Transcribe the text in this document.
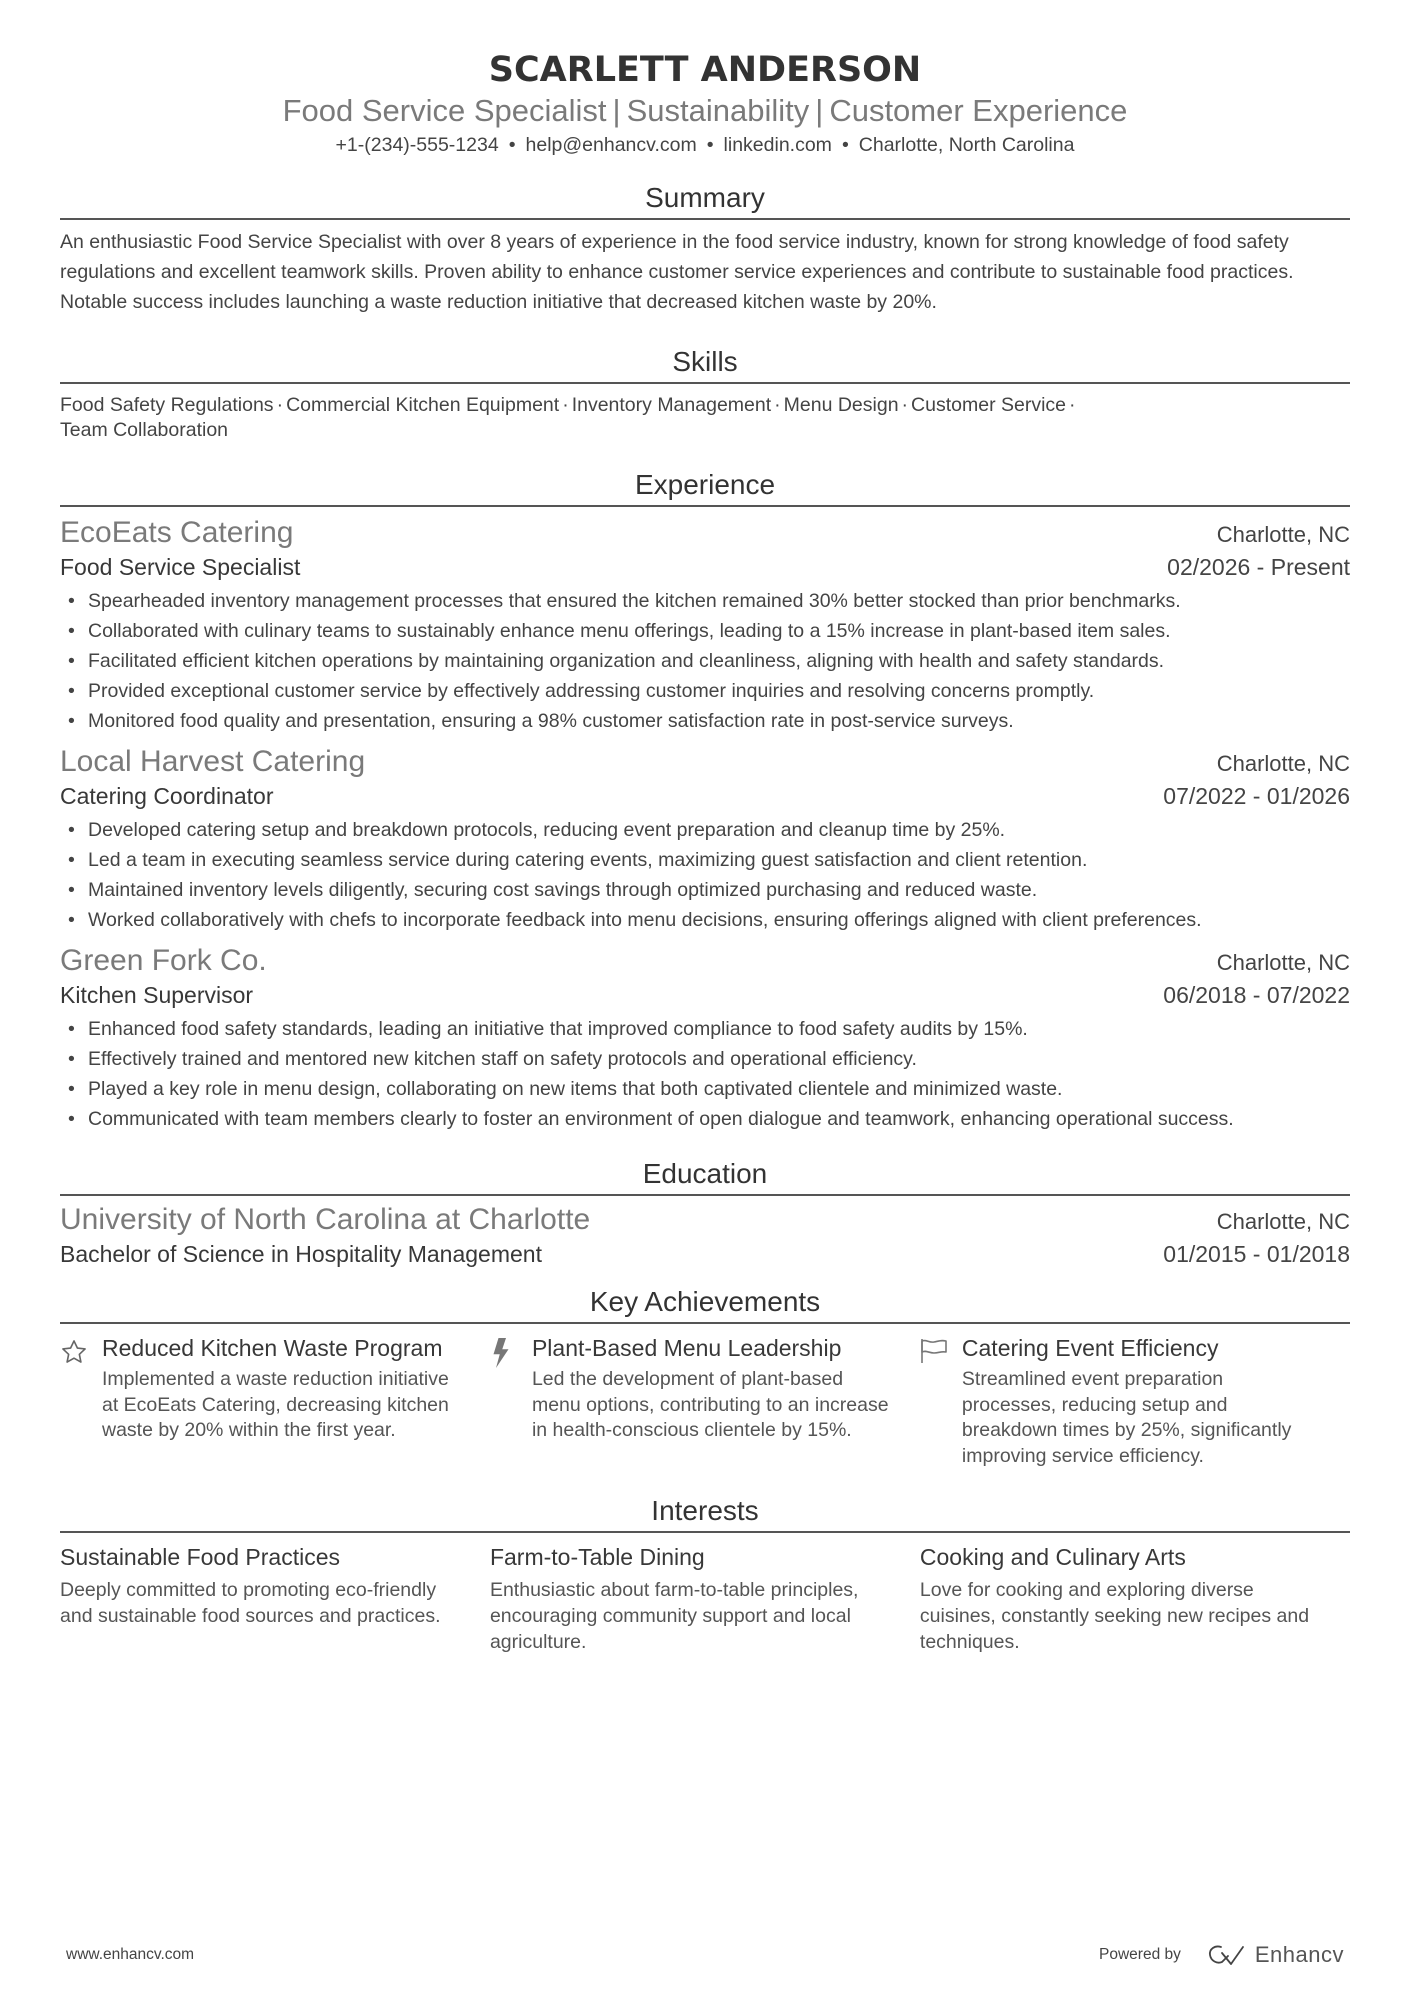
SCARLETT ANDERSON
Food Service Specialist | Sustainability | Customer Experience
+1-(234)-555-1234 • help@enhancv.com • linkedin.com • Charlotte, North Carolina
Summary
An enthusiastic Food Service Specialist with over 8 years of experience in the food service industry, known for strong knowledge of food safety regulations and excellent teamwork skills. Proven ability to enhance customer service experiences and contribute to sustainable food practices. Notable success includes launching a waste reduction initiative that decreased kitchen waste by 20%.
Skills
Food Safety Regulations · Commercial Kitchen Equipment · Inventory Management · Menu Design · Customer Service ·
Team Collaboration
Experience
EcoEats Catering	Charlotte, NC
Food Service Specialist	02/2026 - Present
• Spearheaded inventory management processes that ensured the kitchen remained 30% better stocked than prior benchmarks.
• Collaborated with culinary teams to sustainably enhance menu offerings, leading to a 15% increase in plant-based item sales.
• Facilitated efficient kitchen operations by maintaining organization and cleanliness, aligning with health and safety standards.
• Provided exceptional customer service by effectively addressing customer inquiries and resolving concerns promptly.
• Monitored food quality and presentation, ensuring a 98% customer satisfaction rate in post-service surveys.
Local Harvest Catering	Charlotte, NC
Catering Coordinator	07/2022 - 01/2026
• Developed catering setup and breakdown protocols, reducing event preparation and cleanup time by 25%.
• Led a team in executing seamless service during catering events, maximizing guest satisfaction and client retention.
• Maintained inventory levels diligently, securing cost savings through optimized purchasing and reduced waste.
• Worked collaboratively with chefs to incorporate feedback into menu decisions, ensuring offerings aligned with client preferences.
Green Fork Co.	Charlotte, NC
Kitchen Supervisor	06/2018 - 07/2022
• Enhanced food safety standards, leading an initiative that improved compliance to food safety audits by 15%.
• Effectively trained and mentored new kitchen staff on safety protocols and operational efficiency.
• Played a key role in menu design, collaborating on new items that both captivated clientele and minimized waste.
• Communicated with team members clearly to foster an environment of open dialogue and teamwork, enhancing operational success.
Education
University of North Carolina at Charlotte	Charlotte, NC
Bachelor of Science in Hospitality Management	01/2015 - 01/2018
Key Achievements
Reduced Kitchen Waste Program
Implemented a waste reduction initiative at EcoEats Catering, decreasing kitchen waste by 20% within the first year.
Plant-Based Menu Leadership
Led the development of plant-based menu options, contributing to an increase in health-conscious clientele by 15%.
Catering Event Efficiency
Streamlined event preparation processes, reducing setup and breakdown times by 25%, significantly improving service efficiency.
Interests
Sustainable Food Practices
Deeply committed to promoting eco-friendly and sustainable food sources and practices.
Farm-to-Table Dining
Enthusiastic about farm-to-table principles, encouraging community support and local agriculture.
Cooking and Culinary Arts
Love for cooking and exploring diverse cuisines, constantly seeking new recipes and techniques.
www.enhancv.com	Powered by	Enhancv
